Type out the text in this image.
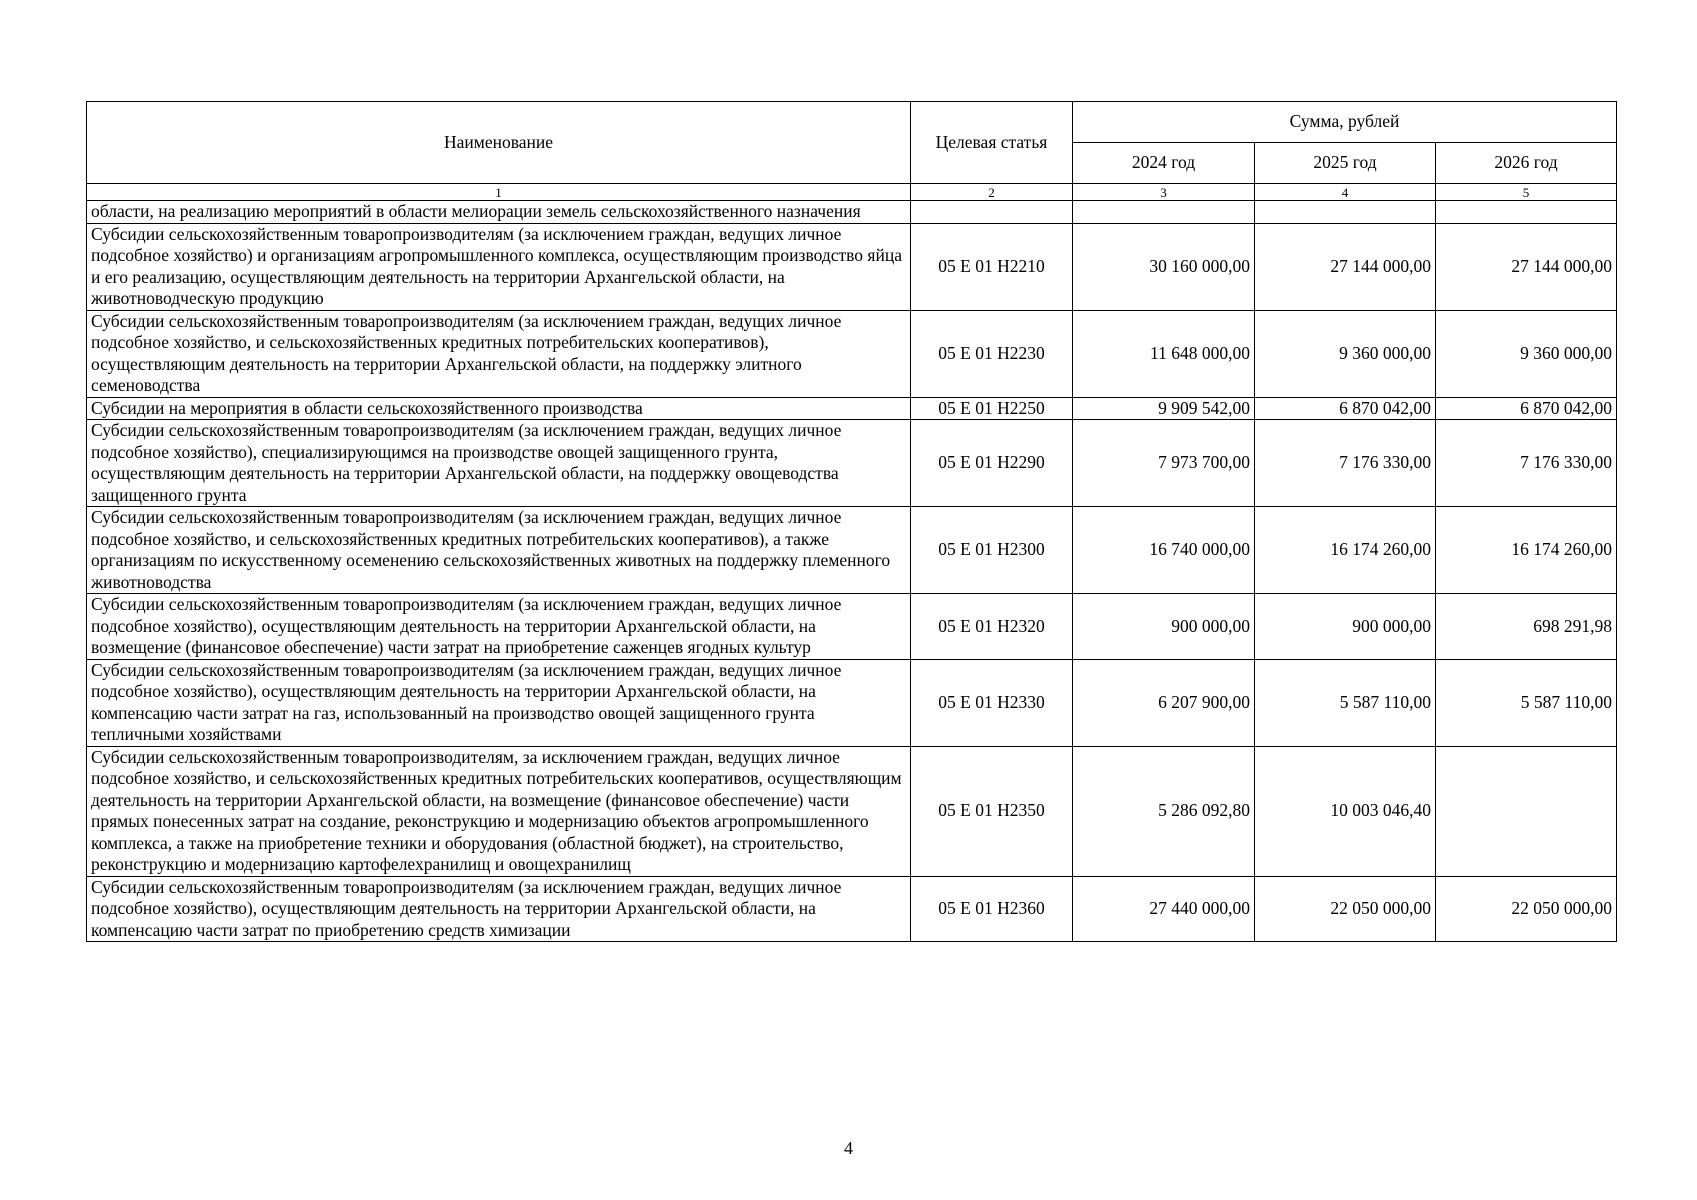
Наименование	Целевая статья	Сумма, рублей		
		2024 год	2025 год	2026 год
1	2	3	4	5
области, на реализацию мероприятий в области мелиорации земель сельскохозяйственного назначения				
Субсидии сельскохозяйственным товаропроизводителям (за исключением граждан, ведущих личное подсобное хозяйство) и организациям агропромышленного комплекса, осуществляющим производство яйца и его реализацию, осуществляющим деятельность на территории Архангельской области, на животноводческую продукцию	05 Е 01 Н2210	30 160 000,00	27 144 000,00	27 144 000,00
Субсидии сельскохозяйственным товаропроизводителям (за исключением граждан, ведущих личное подсобное хозяйство, и сельскохозяйственных кредитных потребительских кооперативов), осуществляющим деятельность на территории Архангельской области, на поддержку элитного семеноводства	05 Е 01 Н2230	11 648 000,00	9 360 000,00	9 360 000,00
Субсидии на мероприятия в области сельскохозяйственного производства	05 Е 01 Н2250	9 909 542,00	6 870 042,00	6 870 042,00
Субсидии сельскохозяйственным товаропроизводителям (за исключением граждан, ведущих личное подсобное хозяйство), специализирующимся на производстве овощей защищенного грунта, осуществляющим деятельность на территории Архангельской области, на поддержку овощеводства защищенного грунта	05 Е 01 Н2290	7 973 700,00	7 176 330,00	7 176 330,00
Субсидии сельскохозяйственным товаропроизводителям (за исключением граждан, ведущих личное подсобное хозяйство, и сельскохозяйственных кредитных потребительских кооперативов), а также организациям по искусственному осеменению сельскохозяйственных животных на поддержку племенного животноводства	05 Е 01 Н2300	16 740 000,00	16 174 260,00	16 174 260,00
Субсидии сельскохозяйственным товаропроизводителям (за исключением граждан, ведущих личное подсобное хозяйство), осуществляющим деятельность на территории Архангельской области, на возмещение (финансовое обеспечение) части затрат на приобретение саженцев ягодных культур	05 Е 01 Н2320	900 000,00	900 000,00	698 291,98
Субсидии сельскохозяйственным товаропроизводителям (за исключением граждан, ведущих личное подсобное хозяйство), осуществляющим деятельность на территории Архангельской области, на компенсацию части затрат на газ, использованный на производство овощей защищенного грунта тепличными хозяйствами	05 Е 01 Н2330	6 207 900,00	5 587 110,00	5 587 110,00
Субсидии сельскохозяйственным товаропроизводителям, за исключением граждан, ведущих личное подсобное хозяйство, и сельскохозяйственных кредитных потребительских кооперативов, осуществляющим деятельность на территории Архангельской области, на возмещение (финансовое обеспечение) части прямых понесенных затрат на создание, реконструкцию и модернизацию объектов агропромышленного комплекса, а также на приобретение техники и оборудования (областной бюджет), на строительство, реконструкцию и модернизацию картофелехранилищ и овощехранилищ	05 Е 01 Н2350	5 286 092,80	10 003 046,40	
Субсидии сельскохозяйственным товаропроизводителям (за исключением граждан, ведущих личное подсобное хозяйство), осуществляющим деятельность на территории Архангельской области, на компенсацию части затрат по приобретению средств химизации	05 Е 01 Н2360	27 440 000,00	22 050 000,00	22 050 000,00
4
